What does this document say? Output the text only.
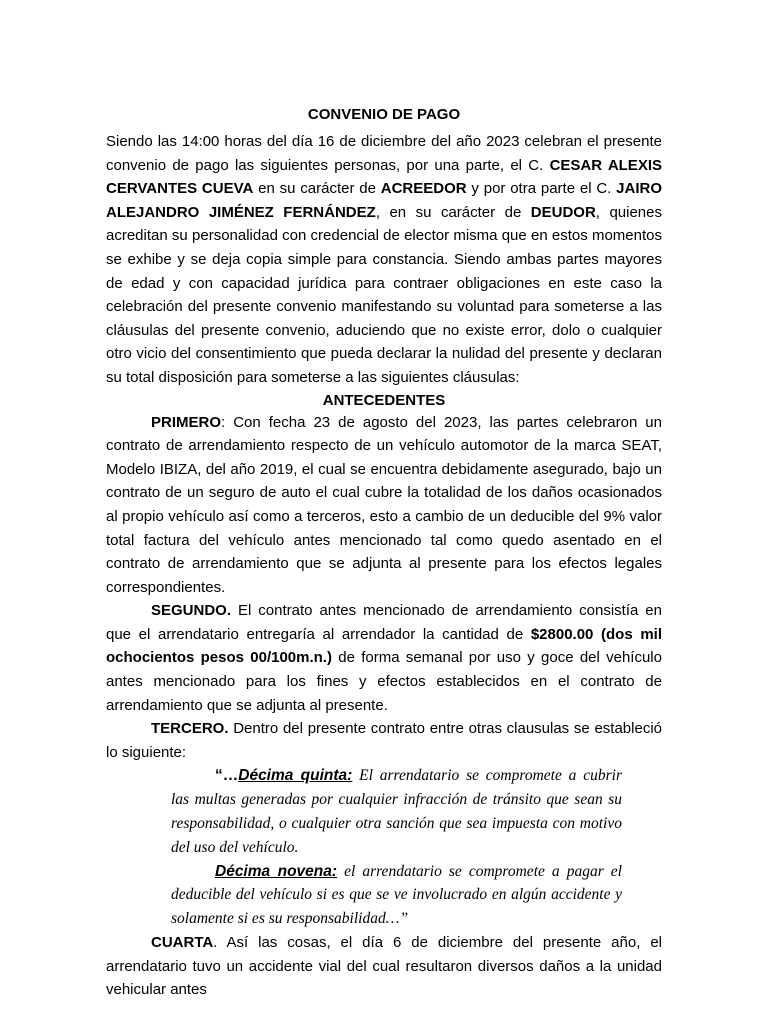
CONVENIO DE PAGO

Siendo las 14:00 horas del día 16 de diciembre del año 2023 celebran el presente convenio de pago las siguientes personas, por una parte, el C. CESAR ALEXIS CERVANTES CUEVA en su carácter de ACREEDOR y por otra parte el C. JAIRO ALEJANDRO JIMÉNEZ FERNÁNDEZ, en su carácter de DEUDOR, quienes acreditan su personalidad con credencial de elector misma que en estos momentos se exhibe y se deja copia simple para constancia. Siendo ambas partes mayores de edad y con capacidad jurídica para contraer obligaciones en este caso la celebración del presente convenio manifestando su voluntad para someterse a las cláusulas del presente convenio, aduciendo que no existe error, dolo o cualquier otro vicio del consentimiento que pueda declarar la nulidad del presente y declaran su total disposición para someterse a las siguientes cláusulas:

ANTECEDENTES

PRIMERO: Con fecha 23 de agosto del 2023, las partes celebraron un contrato de arrendamiento respecto de un vehículo automotor de la marca SEAT, Modelo IBIZA, del año 2019, el cual se encuentra debidamente asegurado, bajo un contrato de un seguro de auto el cual cubre la totalidad de los daños ocasionados al propio vehículo así como a terceros, esto a cambio de un deducible del 9% valor total factura del vehículo antes mencionado tal como quedo asentado en el contrato de arrendamiento que se adjunta al presente para los efectos legales correspondientes.

SEGUNDO. El contrato antes mencionado de arrendamiento consistía en que el arrendatario entregaría al arrendador la cantidad de $2800.00 (dos mil ochocientos pesos 00/100m.n.) de forma semanal por uso y goce del vehículo antes mencionado para los fines y efectos establecidos en el contrato de arrendamiento que se adjunta al presente.

TERCERO. Dentro del presente contrato entre otras clausulas se estableció lo siguiente:

“…Décima quinta: El arrendatario se compromete a cubrir las multas generadas por cualquier infracción de tránsito que sean su responsabilidad, o cualquier otra sanción que sea impuesta con motivo del uso del vehículo.

Décima novena: el arrendatario se compromete a pagar el deducible del vehículo si es que se ve involucrado en algún accidente y solamente si es su responsabilidad…”

CUARTA. Así las cosas, el día 6 de diciembre del presente año, el arrendatario tuvo un accidente vial del cual resultaron diversos daños a la unidad vehicular antes
